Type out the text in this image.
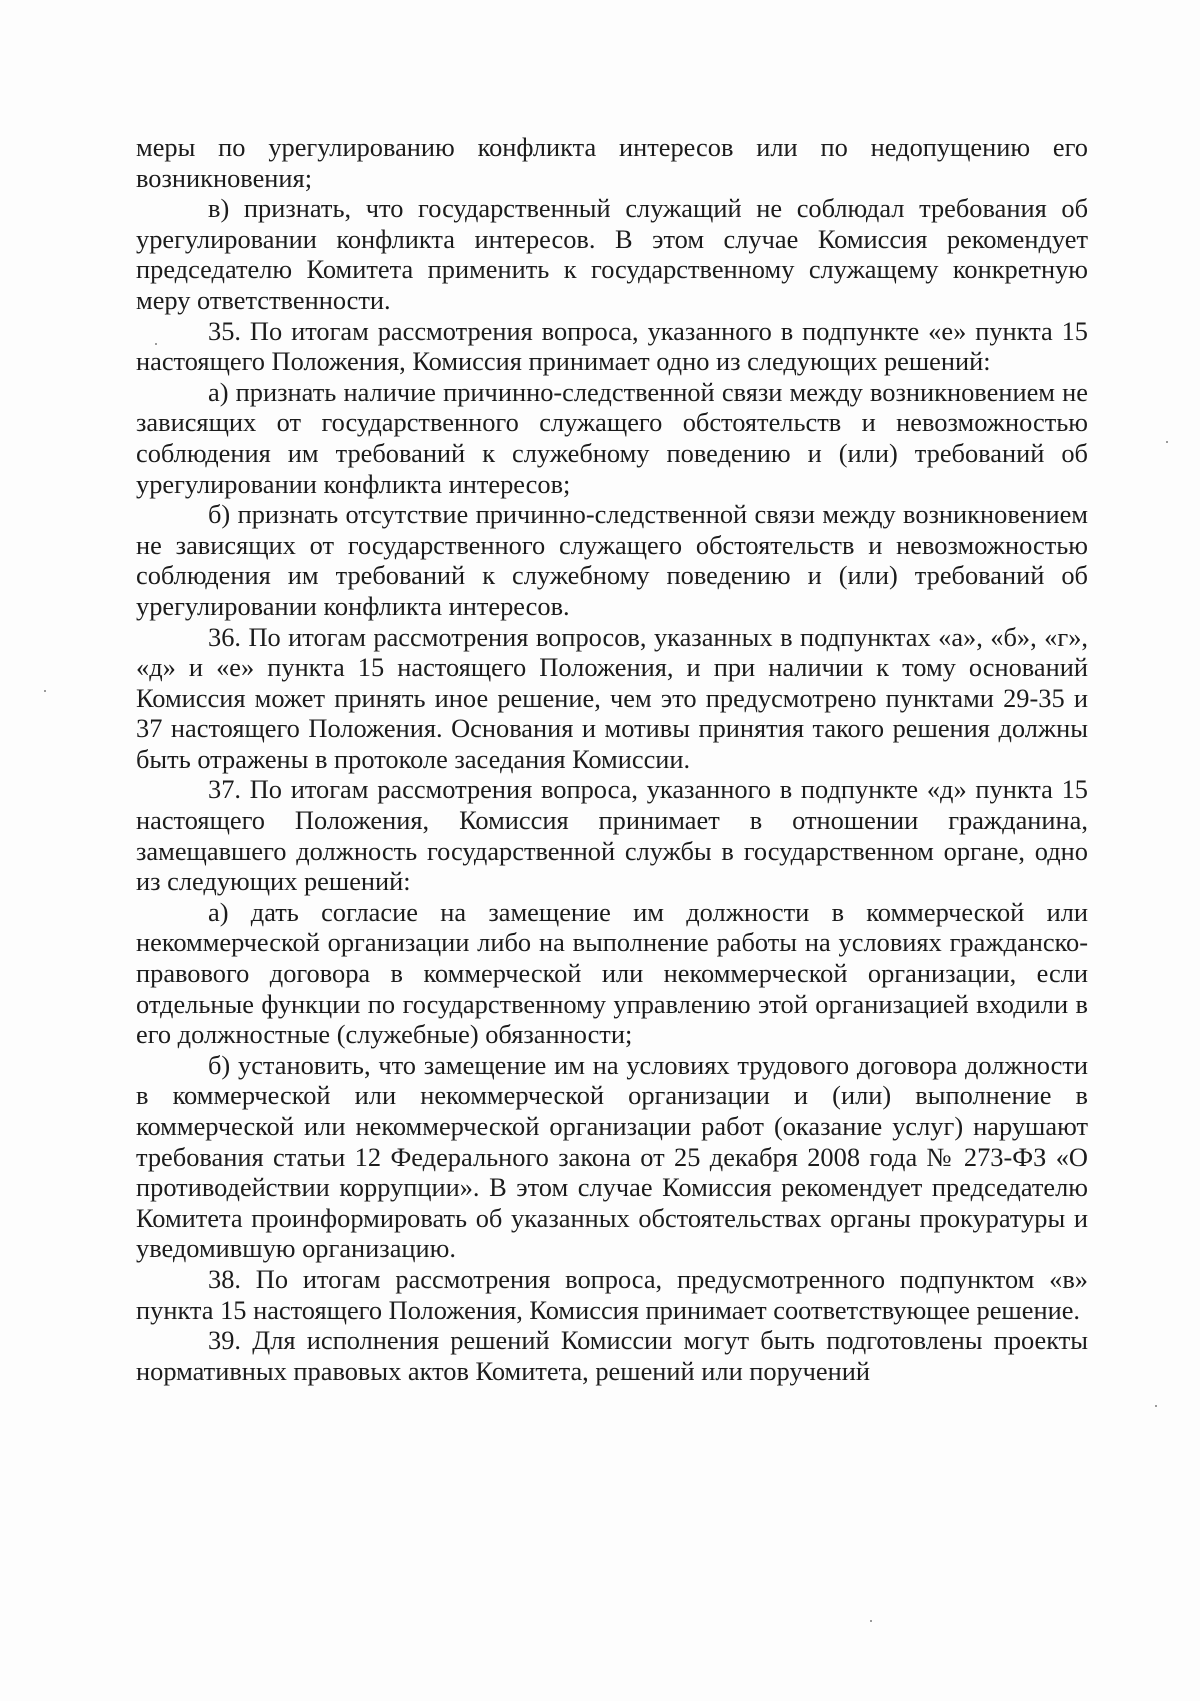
меры по урегулированию конфликта интересов или по недопущению его возникновения;

в) признать, что государственный служащий не соблюдал требования об урегулировании конфликта интересов. В этом случае Комиссия рекомендует председателю Комитета применить к государственному служащему конкретную меру ответственности.

35. По итогам рассмотрения вопроса, указанного в подпункте «е» пункта 15 настоящего Положения, Комиссия принимает одно из следующих решений:

а) признать наличие причинно-следственной связи между возникновением не зависящих от государственного служащего обстоятельств и невозможностью соблюдения им требований к служебному поведению и (или) требований об урегулировании конфликта интересов;

б) признать отсутствие причинно-следственной связи между возникновением не зависящих от государственного служащего обстоятельств и невозможностью соблюдения им требований к служебному поведению и (или) требований об урегулировании конфликта интересов.

36. По итогам рассмотрения вопросов, указанных в подпунктах «а», «б», «г», «д» и «е» пункта 15 настоящего Положения, и при наличии к тому оснований Комиссия может принять иное решение, чем это предусмотрено пунктами 29-35 и 37 настоящего Положения. Основания и мотивы принятия такого решения должны быть отражены в протоколе заседания Комиссии.

37. По итогам рассмотрения вопроса, указанного в подпункте «д» пункта 15 настоящего Положения, Комиссия принимает в отношении гражданина, замещавшего должность государственной службы в государственном органе, одно из следующих решений:

а) дать согласие на замещение им должности в коммерческой или некоммерческой организации либо на выполнение работы на условиях гражданско-правового договора в коммерческой или некоммерческой организации, если отдельные функции по государственному управлению этой организацией входили в его должностные (служебные) обязанности;

б) установить, что замещение им на условиях трудового договора должности в коммерческой или некоммерческой организации и (или) выполнение в коммерческой или некоммерческой организации работ (оказание услуг) нарушают требования статьи 12 Федерального закона от 25 декабря 2008 года № 273-ФЗ «О противодействии коррупции». В этом случае Комиссия рекомендует председателю Комитета проинформировать об указанных обстоятельствах органы прокуратуры и уведомившую организацию.

38. По итогам рассмотрения вопроса, предусмотренного подпунктом «в» пункта 15 настоящего Положения, Комиссия принимает соответствующее решение.

39. Для исполнения решений Комиссии могут быть подготовлены проекты нормативных правовых актов Комитета, решений или поручений
